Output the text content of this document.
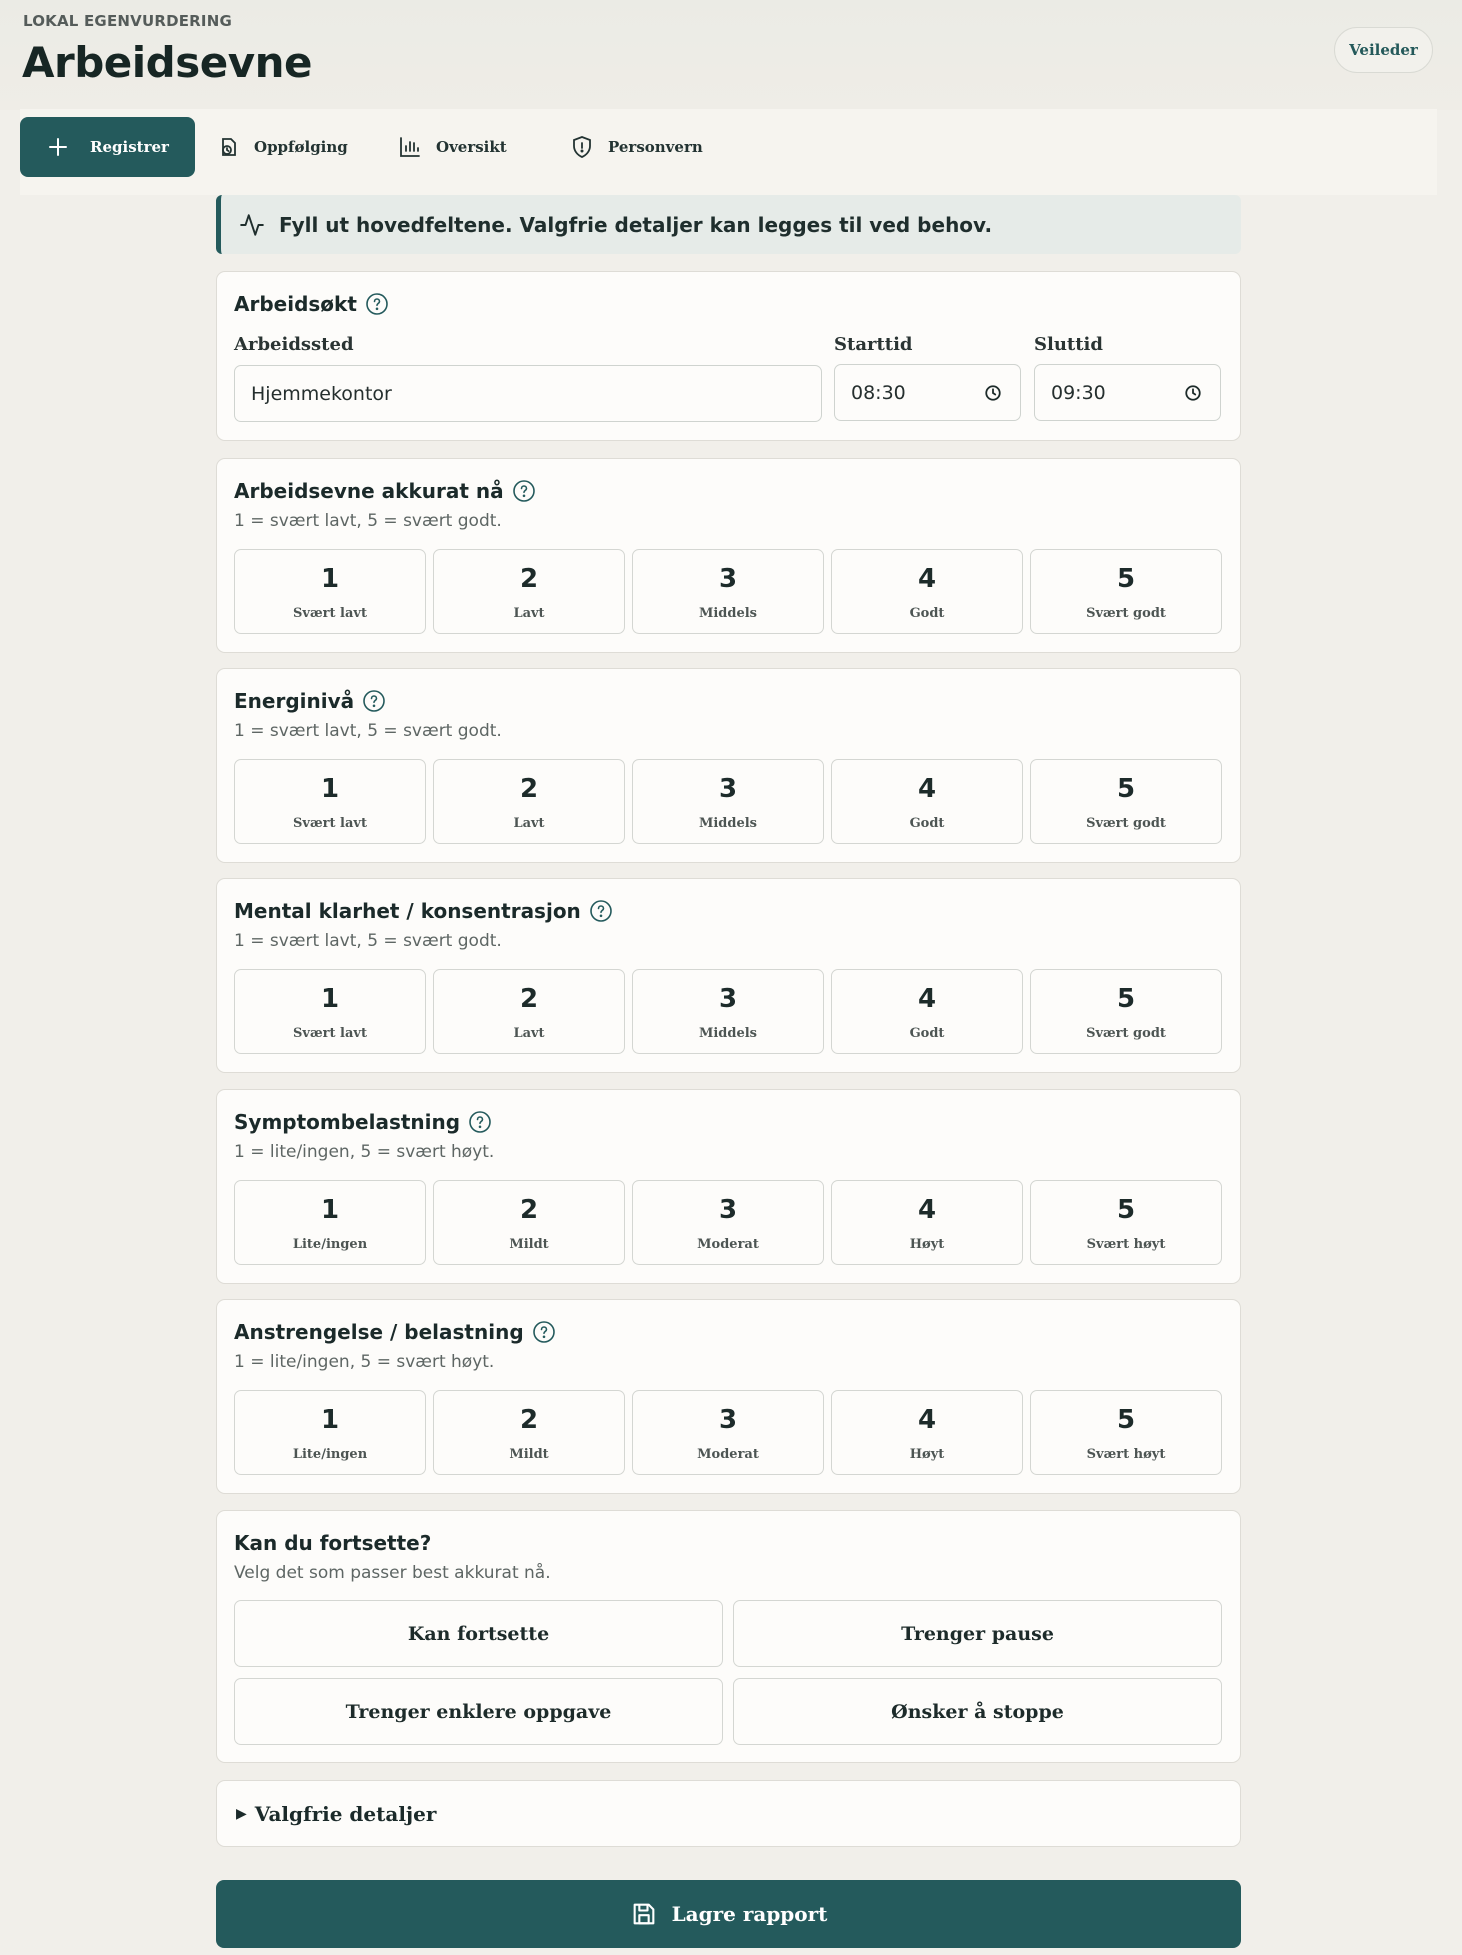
LOKAL EGENVURDERING
Arbeidsevne	Veileder
Registrer	Oppfølging	Oversikt	Personvern
Fyll ut hovedfeltene. Valgfrie detaljer kan legges til ved behov.
Arbeidsøkt
Arbeidssted
Hjemmekontor
Starttid
08:30
Sluttid
09:30
Arbeidsevne akkurat nå
1 = svært lavt, 5 = svært godt.
1
Svært lavt
2
Lavt
3
Middels
4
Godt
5
Svært godt
Energinivå
1 = svært lavt, 5 = svært godt.
1
Svært lavt
2
Lavt
3
Middels
4
Godt
5
Svært godt
Mental klarhet / konsentrasjon
1 = svært lavt, 5 = svært godt.
1
Svært lavt
2
Lavt
3
Middels
4
Godt
5
Svært godt
Symptombelastning
1 = lite/ingen, 5 = svært høyt.
1
Lite/ingen
2
Mildt
3
Moderat
4
Høyt
5
Svært høyt
Anstrengelse / belastning
1 = lite/ingen, 5 = svært høyt.
1
Lite/ingen
2
Mildt
3
Moderat
4
Høyt
5
Svært høyt
Kan du fortsette?
Velg det som passer best akkurat nå.
Kan fortsette	Trenger pause
Trenger enklere oppgave	Ønsker å stoppe
▶ Valgfrie detaljer
Lagre rapport
